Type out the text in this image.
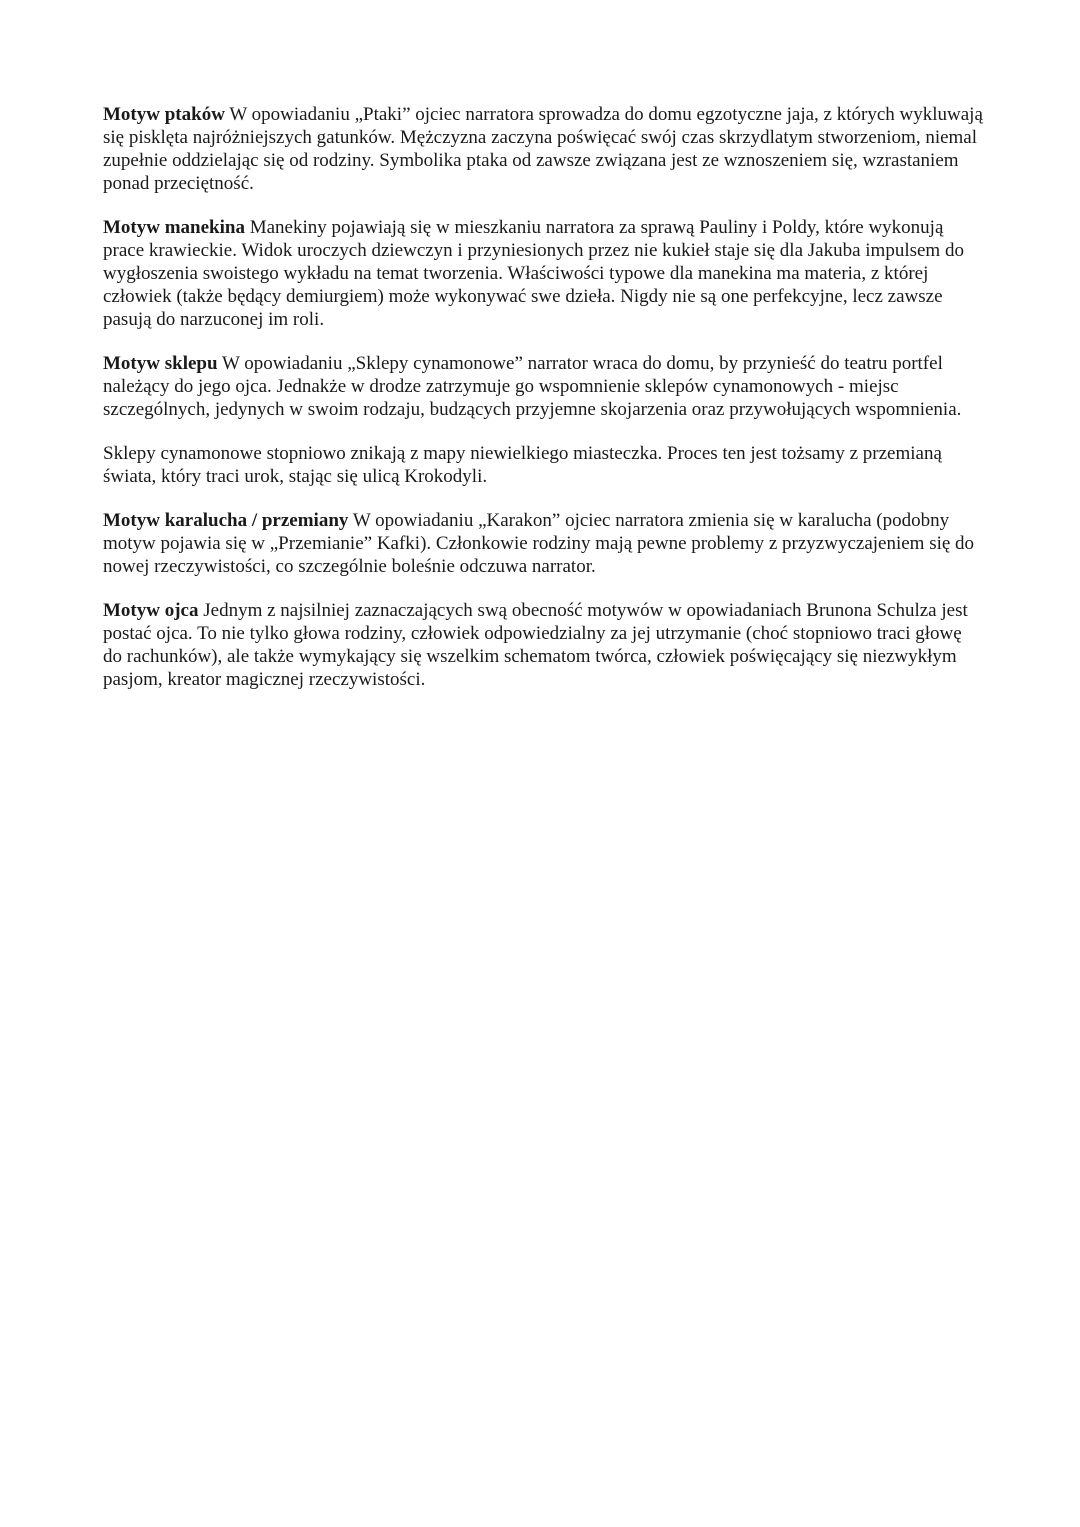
Motyw ptaków W opowiadaniu „Ptaki” ojciec narratora sprowadza do domu egzotyczne jaja, z których wykluwają się pisklęta najróżniejszych gatunków. Mężczyzna zaczyna poświęcać swój czas skrzydlatym stworzeniom, niemal zupełnie oddzielając się od rodziny. Symbolika ptaka od zawsze związana jest ze wznoszeniem się, wzrastaniem ponad przeciętność.

Motyw manekina Manekiny pojawiają się w mieszkaniu narratora za sprawą Pauliny i Poldy, które wykonują prace krawieckie. Widok uroczych dziewczyn i przyniesionych przez nie kukieł staje się dla Jakuba impulsem do wygłoszenia swoistego wykładu na temat tworzenia. Właściwości typowe dla manekina ma materia, z której człowiek (także będący demiurgiem) może wykonywać swe dzieła. Nigdy nie są one perfekcyjne, lecz zawsze pasują do narzuconej im roli.

Motyw sklepu W opowiadaniu „Sklepy cynamonowe” narrator wraca do domu, by przynieść do teatru portfel należący do jego ojca. Jednakże w drodze zatrzymuje go wspomnienie sklepów cynamonowych - miejsc szczególnych, jedynych w swoim rodzaju, budzących przyjemne skojarzenia oraz przywołujących wspomnienia.

Sklepy cynamonowe stopniowo znikają z mapy niewielkiego miasteczka. Proces ten jest tożsamy z przemianą świata, który traci urok, stając się ulicą Krokodyli.

Motyw karalucha / przemiany W opowiadaniu „Karakon” ojciec narratora zmienia się w karalucha (podobny motyw pojawia się w „Przemianie” Kafki). Członkowie rodziny mają pewne problemy z przyzwyczajeniem się do nowej rzeczywistości, co szczególnie boleśnie odczuwa narrator.

Motyw ojca Jednym z najsilniej zaznaczających swą obecność motywów w opowiadaniach Brunona Schulza jest postać ojca. To nie tylko głowa rodziny, człowiek odpowiedzialny za jej utrzymanie (choć stopniowo traci głowę do rachunków), ale także wymykający się wszelkim schematom twórca, człowiek poświęcający się niezwykłym pasjom, kreator magicznej rzeczywistości.
